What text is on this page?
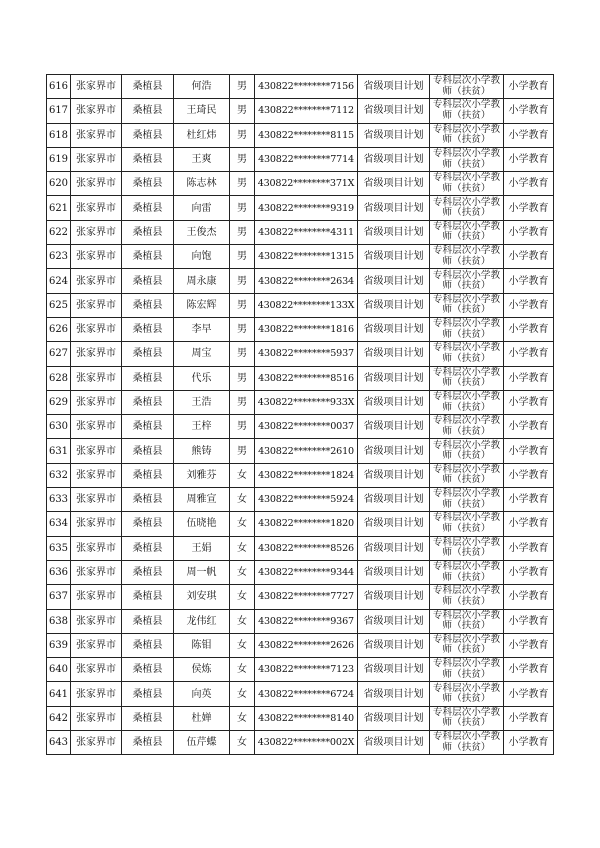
616	张家界市	桑植县	何浩	男	430822********7156	省级项目计划	专科层次小学教师（扶贫）	小学教育
617	张家界市	桑植县	王琦民	男	430822********7112	省级项目计划	专科层次小学教师（扶贫）	小学教育
618	张家界市	桑植县	杜红炜	男	430822********8115	省级项目计划	专科层次小学教师（扶贫）	小学教育
619	张家界市	桑植县	王爽	男	430822********7714	省级项目计划	专科层次小学教师（扶贫）	小学教育
620	张家界市	桑植县	陈志林	男	430822********371X	省级项目计划	专科层次小学教师（扶贫）	小学教育
621	张家界市	桑植县	向雷	男	430822********9319	省级项目计划	专科层次小学教师（扶贫）	小学教育
622	张家界市	桑植县	王俊杰	男	430822********4311	省级项目计划	专科层次小学教师（扶贫）	小学教育
623	张家界市	桑植县	向饱	男	430822********1315	省级项目计划	专科层次小学教师（扶贫）	小学教育
624	张家界市	桑植县	周永康	男	430822********2634	省级项目计划	专科层次小学教师（扶贫）	小学教育
625	张家界市	桑植县	陈宏辉	男	430822********133X	省级项目计划	专科层次小学教师（扶贫）	小学教育
626	张家界市	桑植县	李早	男	430822********1816	省级项目计划	专科层次小学教师（扶贫）	小学教育
627	张家界市	桑植县	周宝	男	430822********5937	省级项目计划	专科层次小学教师（扶贫）	小学教育
628	张家界市	桑植县	代乐	男	430822********8516	省级项目计划	专科层次小学教师（扶贫）	小学教育
629	张家界市	桑植县	王浩	男	430822********933X	省级项目计划	专科层次小学教师（扶贫）	小学教育
630	张家界市	桑植县	王梓	男	430822********0037	省级项目计划	专科层次小学教师（扶贫）	小学教育
631	张家界市	桑植县	熊铸	男	430822********2610	省级项目计划	专科层次小学教师（扶贫）	小学教育
632	张家界市	桑植县	刘雅芬	女	430822********1824	省级项目计划	专科层次小学教师（扶贫）	小学教育
633	张家界市	桑植县	周雅宣	女	430822********5924	省级项目计划	专科层次小学教师（扶贫）	小学教育
634	张家界市	桑植县	伍晓艳	女	430822********1820	省级项目计划	专科层次小学教师（扶贫）	小学教育
635	张家界市	桑植县	王娟	女	430822********8526	省级项目计划	专科层次小学教师（扶贫）	小学教育
636	张家界市	桑植县	周一帆	女	430822********9344	省级项目计划	专科层次小学教师（扶贫）	小学教育
637	张家界市	桑植县	刘安琪	女	430822********7727	省级项目计划	专科层次小学教师（扶贫）	小学教育
638	张家界市	桑植县	龙伟红	女	430822********9367	省级项目计划	专科层次小学教师（扶贫）	小学教育
639	张家界市	桑植县	陈钼	女	430822********2626	省级项目计划	专科层次小学教师（扶贫）	小学教育
640	张家界市	桑植县	侯炼	女	430822********7123	省级项目计划	专科层次小学教师（扶贫）	小学教育
641	张家界市	桑植县	向英	女	430822********6724	省级项目计划	专科层次小学教师（扶贫）	小学教育
642	张家界市	桑植县	杜婵	女	430822********8140	省级项目计划	专科层次小学教师（扶贫）	小学教育
643	张家界市	桑植县	伍芹蝶	女	430822********002X	省级项目计划	专科层次小学教师（扶贫）	小学教育
